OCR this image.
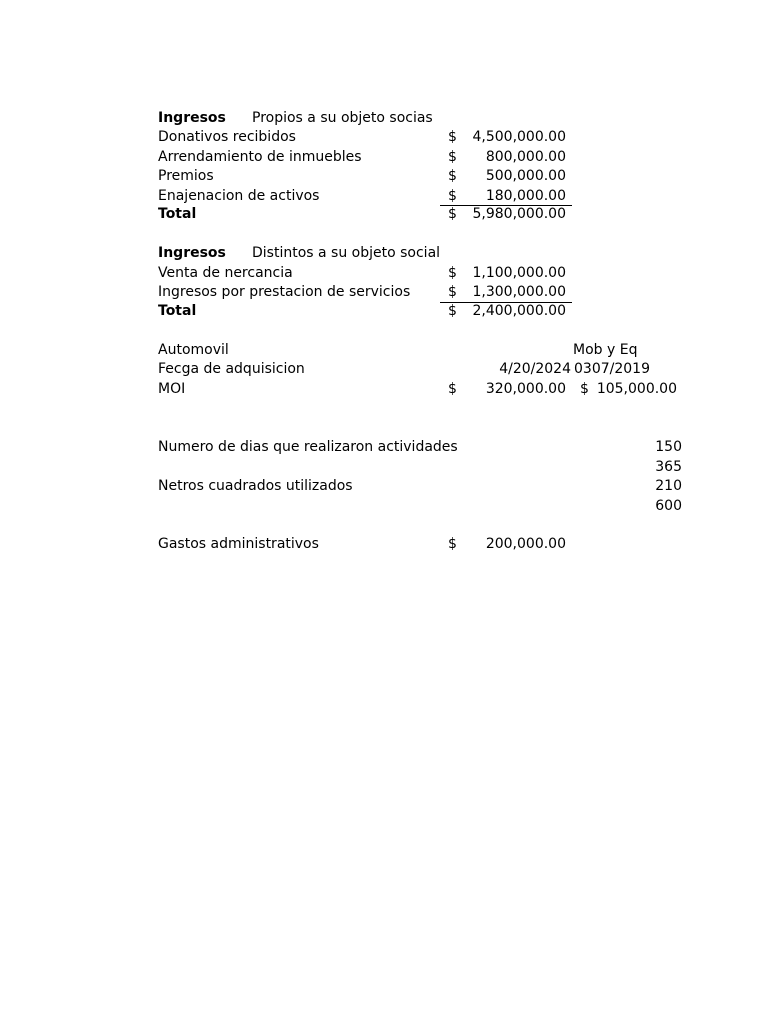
Ingresos Propios a su objeto socias
Donativos recibidos	$	4,500,000.00
Arrendamiento de inmuebles	$	800,000.00
Premios	$	500,000.00
Enajenacion de activos	$	180,000.00
Total	$	5,980,000.00
Ingresos Distintos a su objeto social
Venta de nercancia	$	1,100,000.00
Ingresos por prestacion de servicios	$	1,300,000.00
Total	$	2,400,000.00
Automovil	Mob y Eq
Fecga de adquisicion	4/20/2024 0307/2019
MOI	$	320,000.00 $ 105,000.00
Numero de dias que realizaron actividades	150
365
Netros cuadrados utilizados	210
600
Gastos administrativos	$	200,000.00
